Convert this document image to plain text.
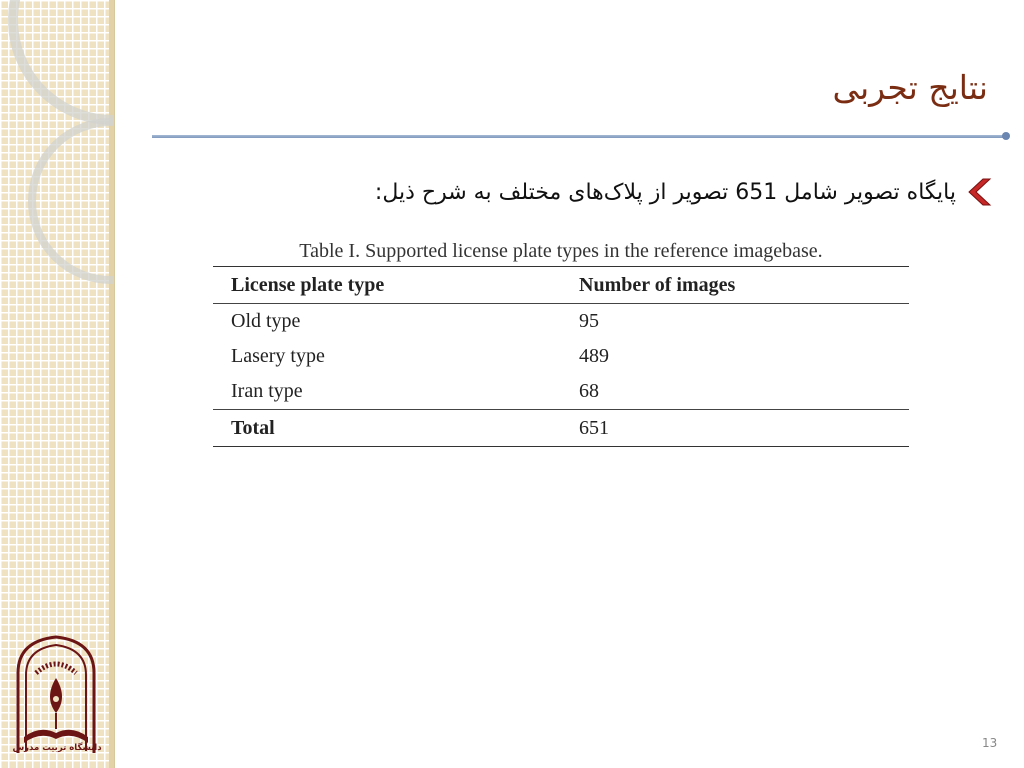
دانشگاه تربیت مدرس
نتایج تجربی
پایگاه تصویر شامل 651 تصویر از پلاک‌های مختلف به شرح ذیل:
Table I. Supported license plate types in the reference imagebase.
License plate type	Number of images
Old type	95
Lasery type	489
Iran type	68
Total	651
13
